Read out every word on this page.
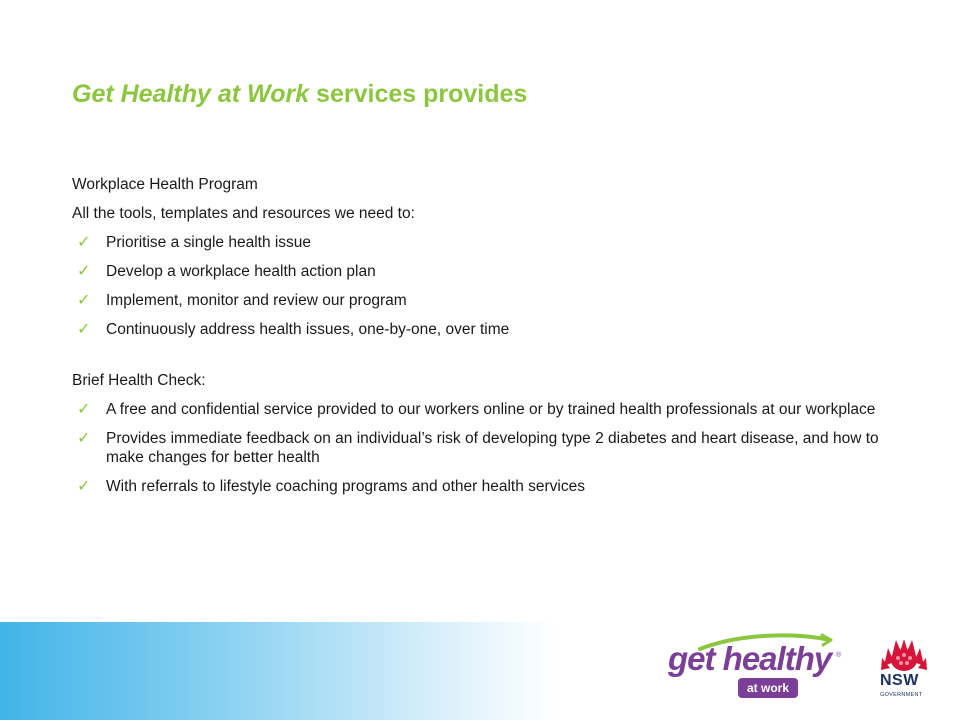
Get Healthy at Work services provides

Workplace Health Program

All the tools, templates and resources we need to:

✓ Prioritise a single health issue
✓ Develop a workplace health action plan
✓ Implement, monitor and review our program
✓ Continuously address health issues, one-by-one, over time

Brief Health Check:

✓ A free and confidential service provided to our workers online or by trained health professionals at our workplace
✓ Provides immediate feedback on an individual’s risk of developing type 2 diabetes and heart disease, and how to make changes for better health
✓ With referrals to lifestyle coaching programs and other health services
get healthy ®
at work	NSW
GOVERNMENT
